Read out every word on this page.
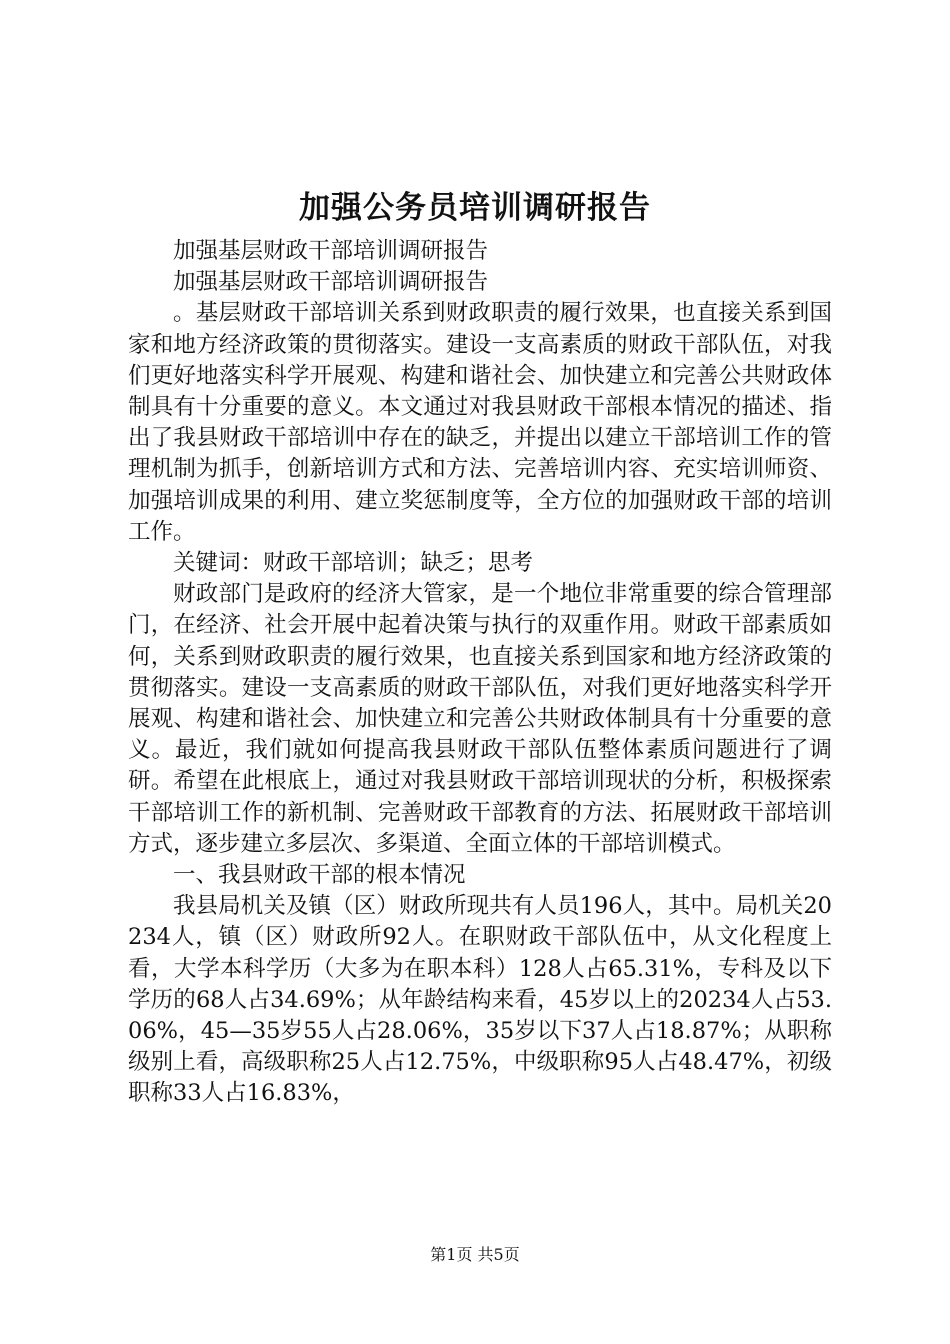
加强公务员培训调研报告

加强基层财政干部培训调研报告

加强基层财政干部培训调研报告

。基层财政干部培训关系到财政职责的履行效果，也直接关系到国家和地方经济政策的贯彻落实。建设一支高素质的财政干部队伍，对我们更好地落实科学开展观、构建和谐社会、加快建立和完善公共财政体制具有十分重要的意义。本文通过对我县财政干部根本情况的描述、指出了我县财政干部培训中存在的缺乏，并提出以建立干部培训工作的管理机制为抓手，创新培训方式和方法、完善培训内容、充实培训师资、加强培训成果的利用、建立奖惩制度等，全方位的加强财政干部的培训工作。

关键词：财政干部培训；缺乏；思考

财政部门是政府的经济大管家，是一个地位非常重要的综合管理部门，在经济、社会开展中起着决策与执行的双重作用。财政干部素质如何，关系到财政职责的履行效果，也直接关系到国家和地方经济政策的贯彻落实。建设一支高素质的财政干部队伍，对我们更好地落实科学开展观、构建和谐社会、加快建立和完善公共财政体制具有十分重要的意义。最近，我们就如何提高我县财政干部队伍整体素质问题进行了调研。希望在此根底上，通过对我县财政干部培训现状的分析，积极探索干部培训工作的新机制、完善财政干部教育的方法、拓展财政干部培训方式，逐步建立多层次、多渠道、全面立体的干部培训模式。

一、我县财政干部的根本情况

我县局机关及镇（区）财政所现共有人员196人，其中。局机关20234人，镇（区）财政所92人。在职财政干部队伍中，从文化程度上看，大学本科学历（大多为在职本科）128人占65.31%，专科及以下学历的68人占34.69%；从年龄结构来看，45岁以上的20234人占53.06%，45—35岁55人占28.06%，35岁以下37人占18.87%；从职称级别上看，高级职称25人占12.75%，中级职称95人占48.47%，初级职称33人占16.83%，

第1页 共5页
